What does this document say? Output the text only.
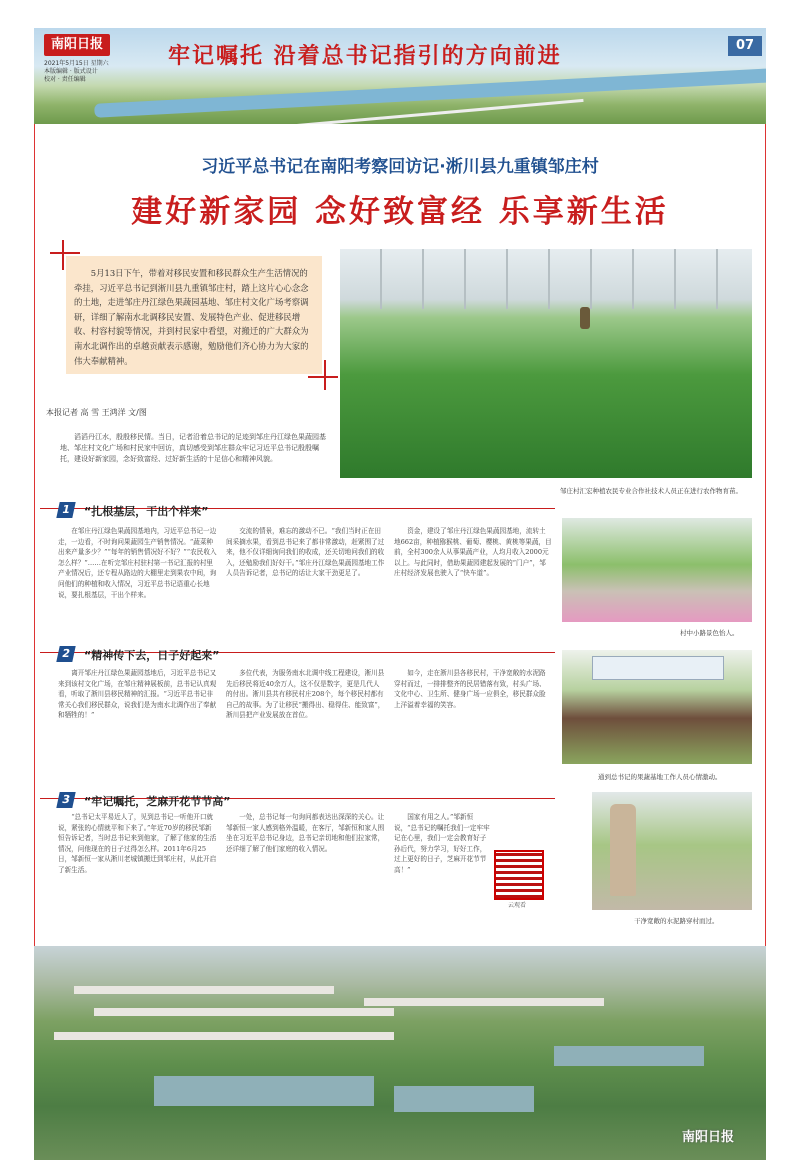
南阳日报
2021年5月15日 星期六
本版编辑 · 版式设计
校对 · 责任编辑
牢记嘱托 沿着总书记指引的方向前进	07
习近平总书记在南阳考察回访记·淅川县九重镇邹庄村
建好新家园 念好致富经 乐享新生活
5月13日下午，带着对移民安置和移民群众生产生活情况的牵挂，习近平总书记到淅川县九重镇邹庄村，踏上这片心心念念的土地，走进邹庄丹江绿色果蔬园基地、邹庄村文化广场考察调研，详细了解南水北调移民安置、发展特色产业、促进移民增收、村容村貌等情况，并到村民家中看望，对搬迁的广大群众为南水北调作出的卓越贡献表示感谢，勉励他们齐心协力为大家的伟大奉献精神。
本报记者 高 雪 王鸿洋 文/图
滔滔丹江水，殷殷移民情。当日，记者沿着总书记的足迹到邹庄丹江绿色果蔬园基地、邹庄村文化广场和村民家中回访，真切感受到邹庄群众牢记习近平总书记殷殷嘱托，建设好新家园，念好致富经、过好新生活的十足信心和精神风貌。
邹庄村汇宏种植农民专业合作社技术人员正在进行农作物育苗。
1	“扎根基层，干出个样来”
在邹庄丹江绿色果蔬园基地内，习近平总书记一边走，一边看，不时询问果蔬园生产销售情况。“蔬菜种出来产量多少？”“每年的销售情况好不好？”“农民收入怎么样？”……在听完邹庄村驻村第一书记汇报的村里产业情况后，还专程从路边的大棚里走到果农中间，询问他们的种植和收入情况，习近平总书记语重心长地说，要扎根基层，干出个样来。
交流的情景，难忘的激动不已。“我们当时正在田间采摘水果，看到总书记来了都非常激动，赶紧围了过来，他不仅详细询问我们的收成，还关切地问我们的收入，还勉励我们好好干。”邹庄丹江绿色果蔬园基地工作人员告诉记者，总书记的话让大家干劲更足了。
资金，建设了邹庄丹江绿色果蔬园基地，流转土地662亩，种植猕猴桃、葡萄、樱桃、黄桃等果蔬，目前，全村300余人从事果蔬产业，人均月收入2000元以上。与此同时，借助果蔬园建起发展的“门户”，邹庄村经济发展也驶入了“快车道”。
村中小路景色怡人。
2	“精神传下去，日子好起来”
离开邹庄丹江绿色果蔬园基地后，习近平总书记又来到该村文化广场，在邹庄精神展板前，总书记认真观看，听取了淅川县移民精神的汇报。“习近平总书记非常关心我们移民群众，说我们是为南水北调作出了奉献和牺牲的！”
多位代表，为服务南水北调中线工程建设，淅川县先后移民将近40余万人，这不仅是数字，更是几代人的付出。淅川县共有移民村庄208个，每个移民村都有自己的故事。为了让移民“搬得出、稳得住、能致富”，淅川县把产业发展放在首位。
如今，走在淅川县各移民村，干净宽敞的水泥路穿村而过，一排排整齐的民居错落有致，村头广场、文化中心、卫生所、健身广场一应俱全，移民群众脸上洋溢着幸福的笑容。
通到总书记的果蔬基地工作人员心情激动。
3	“牢记嘱托，芝麻开花节节高”
“总书记太平易近人了，见到总书记一听他开口就说，紧张的心情就平和下来了。”年近70岁的移民邹新恒告诉记者，当时总书记来到他家，了解了他家的生活情况，问他现在的日子过得怎么样。2011年6月25日，邹新恒一家从淅川老城镇搬迁到邹庄村，从此开启了新生活。
一处，总书记每一句询问都表达出深深的关心。让邹新恒一家人感到格外温暖，在客厅，邹新恒和家人围坐在习近平总书记身边，总书记亲切地和他们拉家常，还详细了解了他们家庭的收入情况。
国家有用之人。”邹新恒说，“总书记的嘱托我们一定牢牢记在心里，我们一定会教育好子孙后代，努力学习，好好工作，过上更好的日子，芝麻开花节节高！”
云观看
干净宽敞的水泥路穿村而过。
南阳日报
